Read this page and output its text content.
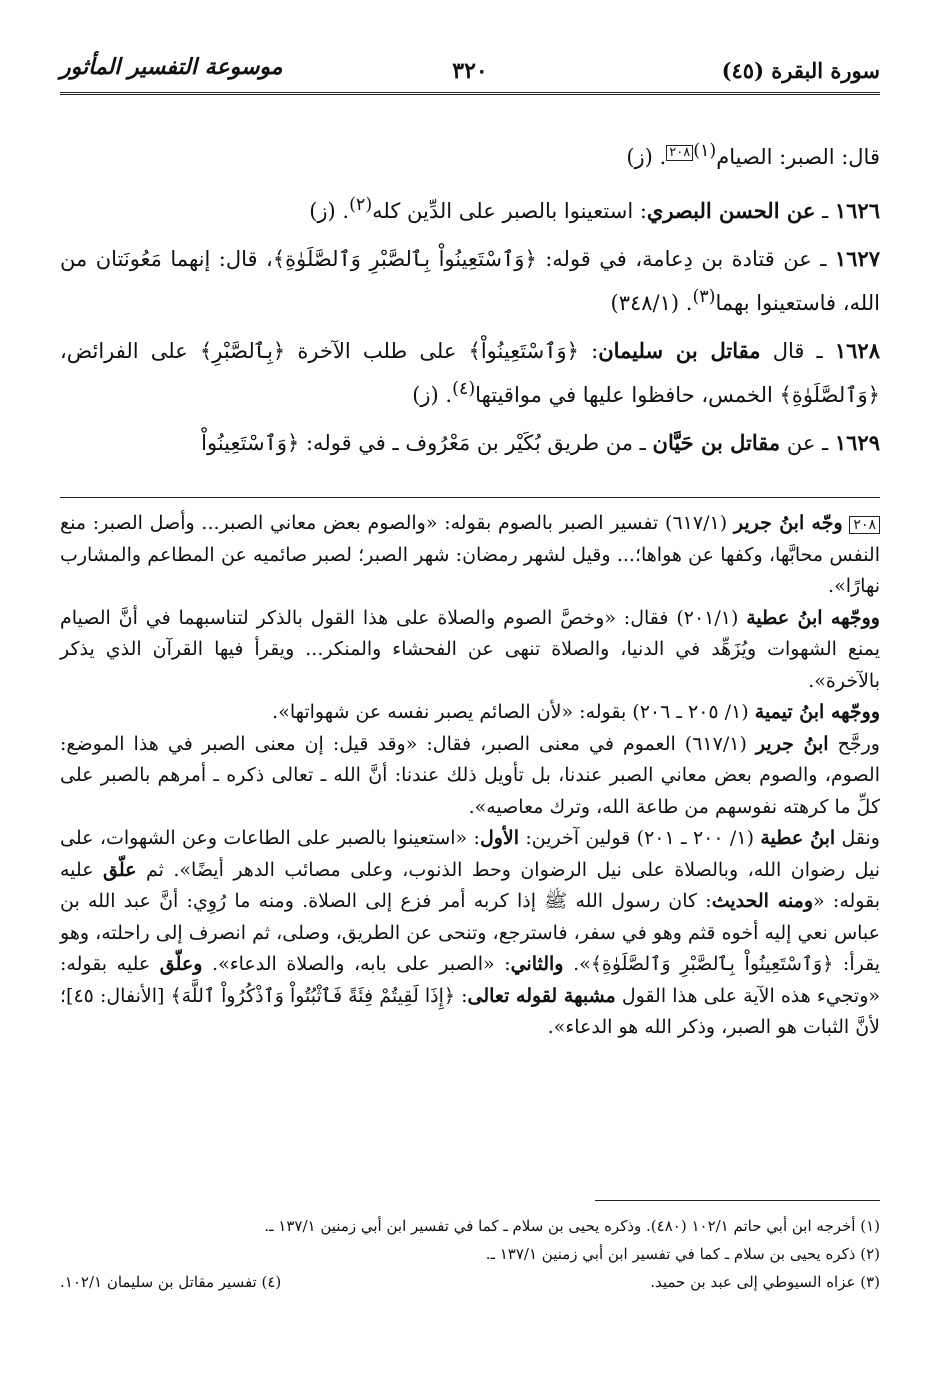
سورة البقرة (٤٥)
٣٢٠
موسوعة التفسير المأثور

قال: الصبر: الصيام$^{(١)}$٢٠٨. (ز)

١٦٢٦ ـ عن الحسن البصري: استعينوا بالصبر على الدِّين كله$^{(٢)}$. (ز)

١٦٢٧ ـ عن قتادة بن دِعامة، في قوله: ﴿وَٱسْتَعِينُواْ بِٱلصَّبْرِ وَٱلصَّلَوٰةِ﴾، قال: إنهما مَعُونَتان من الله، فاستعينوا بهما$^{(٣)}$. (٣٤٨/١)

١٦٢٨ ـ قال مقاتل بن سليمان: ﴿وَٱسْتَعِينُواْ﴾ على طلب الآخرة ﴿بِٱلصَّبْرِ﴾ على الفرائض، ﴿وَٱلصَّلَوٰةِ﴾ الخمس، حافظوا عليها في مواقيتها$^{(٤)}$. (ز)

١٦٢٩ ـ عن مقاتل بن حَيَّان ـ من طريق بُكَيْر بن مَعْرُوف ـ في قوله: ﴿وَٱسْتَعِينُواْ

٢٠٨ وجّه ابنُ جرير (٦١٧/١) تفسير الصبر بالصوم بقوله: «والصوم بعض معاني الصبر... وأصل الصبر: منع النفس محابَّها، وكفها عن هواها؛... وقيل لشهر رمضان: شهر الصبر؛ لصبر صائميه عن المطاعم والمشارب نهارًا».

ووجّهه ابنُ عطية (٢٠١/١) فقال: «وخصَّ الصوم والصلاة على هذا القول بالذكر لتناسبهما في أنَّ الصيام يمنع الشهوات ويُزَهِّد في الدنيا، والصلاة تنهى عن الفحشاء والمنكر... ويقرأ فيها القرآن الذي يذكر بالآخرة».

ووجّهه ابنُ تيمية (١/ ٢٠٥ ـ ٢٠٦) بقوله: «لأن الصائم يصبر نفسه عن شهواتها».

ورجَّح ابنُ جرير (٦١٧/١) العموم في معنى الصبر، فقال: «وقد قيل: إن معنى الصبر في هذا الموضع: الصوم، والصوم بعض معاني الصبر عندنا، بل تأويل ذلك عندنا: أنَّ الله ـ تعالى ذكره ـ أمرهم بالصبر على كلِّ ما كرهته نفوسهم من طاعة الله، وترك معاصيه».

ونقل ابنُ عطية (١/ ٢٠٠ ـ ٢٠١) قولين آخرين: الأول: «استعينوا بالصبر على الطاعات وعن الشهوات، على نيل رضوان الله، وبالصلاة على نيل الرضوان وحط الذنوب، وعلى مصائب الدهر أيضًا». ثم علّق عليه بقوله: «ومنه الحديث: كان رسول الله ﷺ إذا كربه أمر فزع إلى الصلاة. ومنه ما رُوِي: أنَّ عبد الله بن عباس نعي إليه أخوه قثم وهو في سفر، فاسترجع، وتنحى عن الطريق، وصلى، ثم انصرف إلى راحلته، وهو يقرأ: ﴿وَٱسْتَعِينُواْ بِٱلصَّبْرِ وَٱلصَّلَوٰةِ﴾». والثاني: «الصبر على بابه، والصلاة الدعاء». وعلّق عليه بقوله: «وتجيء هذه الآية على هذا القول مشبهة لقوله تعالى: ﴿إِذَا لَقِيتُمْ فِئَةً فَٱثْبُتُواْ وَٱذْكُرُواْ ٱللَّهَ﴾ [الأنفال: ٤٥]؛ لأنَّ الثبات هو الصبر، وذكر الله هو الدعاء».

(١) أخرجه ابن أبي حاتم ١٠٢/١ (٤٨٠). وذكره يحيى بن سلام ـ كما في تفسير ابن أبي زمنين ١٣٧/١ ـ.

(٢) ذكره يحيى بن سلام ـ كما في تفسير ابن أبي زمنين ١٣٧/١ ـ.

(٣) عزاه السيوطي إلى عبد بن حميد.
(٤) تفسير مقاتل بن سليمان ١٠٢/١.
